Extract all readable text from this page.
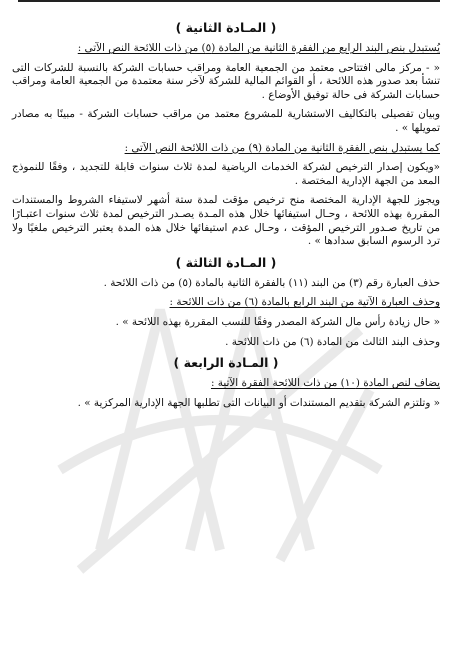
( المـادة الثانية )

يُستبدل بنص البند الرابع من الفقرة الثانية من المادة (٥) من ذات اللائحة النص الآتى :

« - مركز مالى افتتاحى معتمد من الجمعية العامة ومراقب حسابات الشركة بالنسبة للشركات التى تنشأ بعد صدور هذه اللائحة ، أو القوائم المالية للشركة لآخر سنة معتمدة من الجمعية العامة ومراقب حسابات الشركة فى حالة توفيق الأوضاع .

وبيان تفصيلى بالتكاليف الاستشارية للمشروع معتمد من مراقب حسابات الشركة - مبينًا به مصادر تمويلها » .

كما يستبدل بنص الفقرة الثانية من المادة (٩) من ذات اللائحة النص الآتى :

«ويكون إصدار الترخيص لشركة الخدمات الرياضية لمدة ثلاث سنوات قابلة للتجديد ، وفقًا للنموذج المعد من الجهة الإدارية المختصة .

ويجوز للجهة الإدارية المختصة منح ترخيص مؤقت لمدة ستة أشهر لاستيفاء الشروط والمستندات المقررة بهذه اللائحة ، وحـال استيفائها خلال هذه المـدة يصـدر الترخيص لمدة ثلاث سنوات اعتبـارًا من تاريخ صـدور الترخيص المؤقت ، وحـال عدم استيفائها خلال هذه المدة يعتبر الترخيص ملغيًا ولا ترد الرسوم السابق سدادها » .

( المـادة الثالثة )

حذف العبارة رقم (٣) من البند (١١) بالفقرة الثانية بالمادة (٥) من ذات اللائحة .

وحذف العبارة الآتية من البند الرابع بالمادة (٦) من ذات اللائحة :

« حال زيادة رأس مال الشركة المصدر وفقًا للنسب المقررة بهذه اللائحة » .

وحذف البند الثالث من المادة (٦) من ذات اللائحة .

( المـادة الرابعة )

يضاف لنص المادة (١٠) من ذات اللائحة الفقرة الآتية :

« وتلتزم الشركة بتقديم المستندات أو البيانات التى تطلبها الجهة الإدارية المركزية » .
